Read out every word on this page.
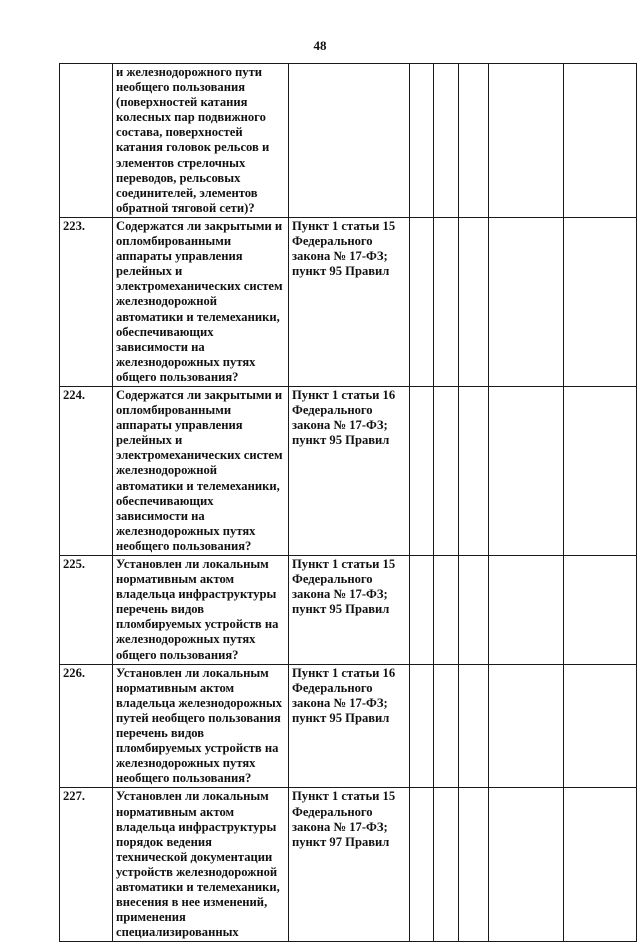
48
	и железнодорожного пути необщего пользования (поверхностей катания колесных пар подвижного состава, поверхностей катания головок рельсов и элементов стрелочных переводов, рельсовых соединителей, элементов обратной тяговой сети)?						
223.	Содержатся ли закрытыми и опломбированными аппараты управления релейных и электромеханических систем железнодорожной автоматики и телемеханики, обеспечивающих зависимости на железнодорожных путях общего пользования?	Пункт 1 статьи 15 Федерального закона № 17-ФЗ; пункт 95 Правил					
224.	Содержатся ли закрытыми и опломбированными аппараты управления релейных и электромеханических систем железнодорожной автоматики и телемеханики, обеспечивающих зависимости на железнодорожных путях необщего пользования?	Пункт 1 статьи 16 Федерального закона № 17-ФЗ; пункт 95 Правил					
225.	Установлен ли локальным нормативным актом владельца инфраструктуры перечень видов пломбируемых устройств на железнодорожных путях общего пользования?	Пункт 1 статьи 15 Федерального закона № 17-ФЗ; пункт 95 Правил					
226.	Установлен ли локальным нормативным актом владельца железнодорожных путей необщего пользования перечень видов пломбируемых устройств на железнодорожных путях необщего пользования?	Пункт 1 статьи 16 Федерального закона № 17-ФЗ; пункт 95 Правил					
227.	Установлен ли локальным нормативным актом владельца инфраструктуры порядок ведения технической документации устройств железнодорожной автоматики и телемеханики, внесения в нее изменений, применения специализированных	Пункт 1 статьи 15 Федерального закона № 17-ФЗ; пункт 97 Правил					
